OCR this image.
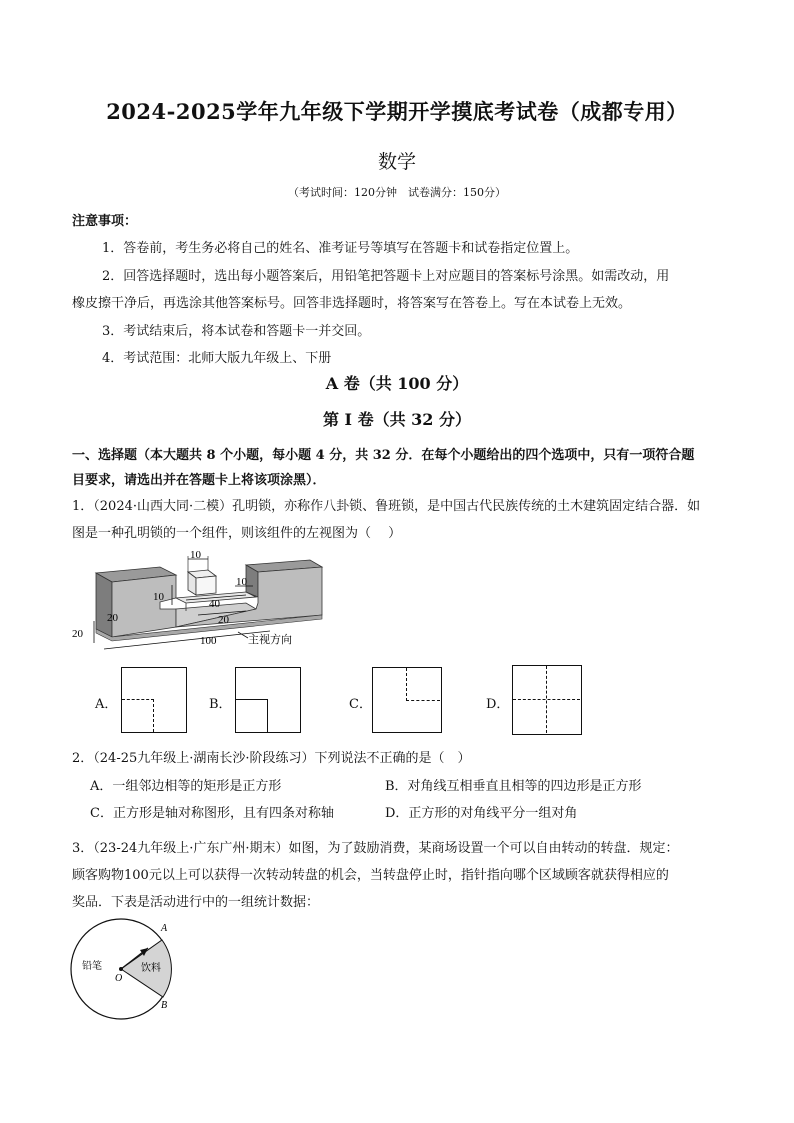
2024-2025学年九年级下学期开学摸底考试卷（成都专用）
数学
（考试时间：120分钟　试卷满分：150分）
注意事项：
1．答卷前，考生务必将自己的姓名、准考证号等填写在答题卡和试卷指定位置上。
2．回答选择题时，选出每小题答案后，用铅笔把答题卡上对应题目的答案标号涂黑。如需改动，用
橡皮擦干净后，再选涂其他答案标号。回答非选择题时，将答案写在答卷上。写在本试卷上无效。
3．考试结束后，将本试卷和答题卡一并交回。
4．考试范围：北师大版九年级上、下册
A 卷（共 100 分）
第 I 卷（共 32 分）
一、选择题（本大题共 8 个小题，每小题 4 分，共 32 分．在每个小题给出的四个选项中，只有一项符合题
目要求，请选出并在答题卡上将该项涂黑）．
1．（2024·山西大同·二模）孔明锁，亦称作八卦锁、鲁班锁，是中国古代民族传统的土木建筑固定结合器．如
图是一种孔明锁的一个组件，则该组件的左视图为（　 ）
10
10
10
40
20	20
20
100	主视方向
A．	B．	C．	D．
2．（24-25九年级上·湖南长沙·阶段练习）下列说法不正确的是（　）
A．一组邻边相等的矩形是正方形	B．对角线互相垂直且相等的四边形是正方形
C．正方形是轴对称图形，且有四条对称轴	D．正方形的对角线平分一组对角
3．（23-24九年级上·广东广州·期末）如图，为了鼓励消费，某商场设置一个可以自由转动的转盘．规定：
顾客购物100元以上可以获得一次转动转盘的机会，当转盘停止时，指针指向哪个区域顾客就获得相应的
奖品．下表是活动进行中的一组统计数据：
铅笔	饮料
O
A
B
